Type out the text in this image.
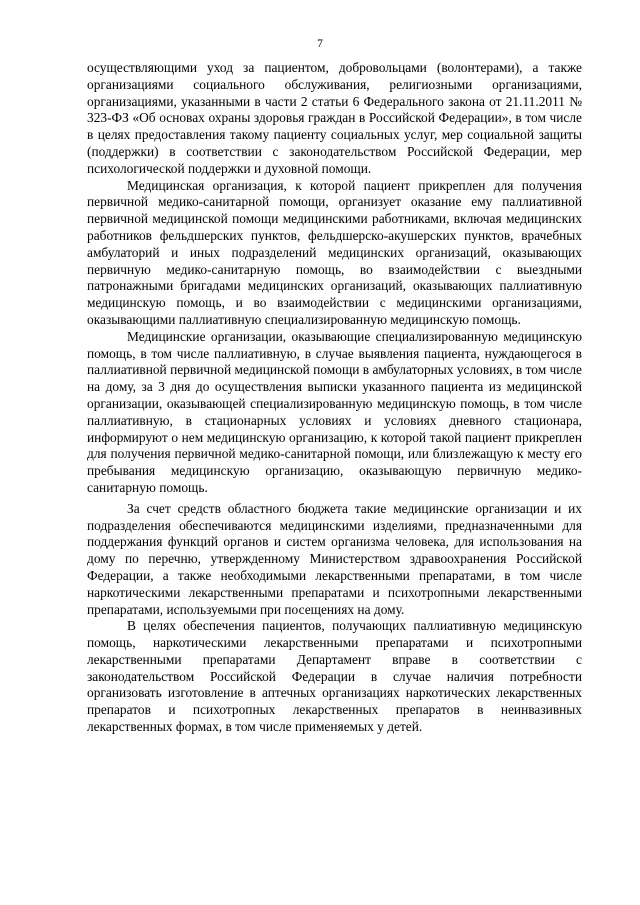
7

осуществляющими уход за пациентом, добровольцами (волонтерами), а также организациями социального обслуживания, религиозными организациями, организациями, указанными в части 2 статьи 6 Федерального закона от 21.11.2011 № 323-ФЗ «Об основах охраны здоровья граждан в Российской Федерации», в том числе в целях предоставления такому пациенту социальных услуг, мер социальной защиты (поддержки) в соответствии с законодательством Российской Федерации, мер психологической поддержки и духовной помощи.

Медицинская организация, к которой пациент прикреплен для получения первичной медико-санитарной помощи, организует оказание ему паллиативной первичной медицинской помощи медицинскими работниками, включая медицинских работников фельдшерских пунктов, фельдшерско-акушерских пунктов, врачебных амбулаторий и иных подразделений медицинских организаций, оказывающих первичную медико-санитарную помощь, во взаимодействии с выездными патронажными бригадами медицинских организаций, оказывающих паллиативную медицинскую помощь, и во взаимодействии с медицинскими организациями, оказывающими паллиативную специализированную медицинскую помощь.

Медицинские организации, оказывающие специализированную медицинскую помощь, в том числе паллиативную, в случае выявления пациента, нуждающегося в паллиативной первичной медицинской помощи в амбулаторных условиях, в том числе на дому, за 3 дня до осуществления выписки указанного пациента из медицинской организации, оказывающей специализированную медицинскую помощь, в том числе паллиативную, в стационарных условиях и условиях дневного стационара, информируют о нем медицинскую организацию, к которой такой пациент прикреплен для получения первичной медико-санитарной помощи, или близлежащую к месту его пребывания медицинскую организацию, оказывающую первичную медико-санитарную помощь.

За счет средств областного бюджета такие медицинские организации и их подразделения обеспечиваются медицинскими изделиями, предназначенными для поддержания функций органов и систем организма человека, для использования на дому по перечню, утвержденному Министерством здравоохранения Российской Федерации, а также необходимыми лекарственными препаратами, в том числе наркотическими лекарственными препаратами и психотропными лекарственными препаратами, используемыми при посещениях на дому.

В целях обеспечения пациентов, получающих паллиативную медицинскую помощь, наркотическими лекарственными препаратами и психотропными лекарственными препаратами Департамент вправе в соответствии с законодательством Российской Федерации в случае наличия потребности организовать изготовление в аптечных организациях наркотических лекарственных препаратов и психотропных лекарственных препаратов в неинвазивных лекарственных формах, в том числе применяемых у детей.
